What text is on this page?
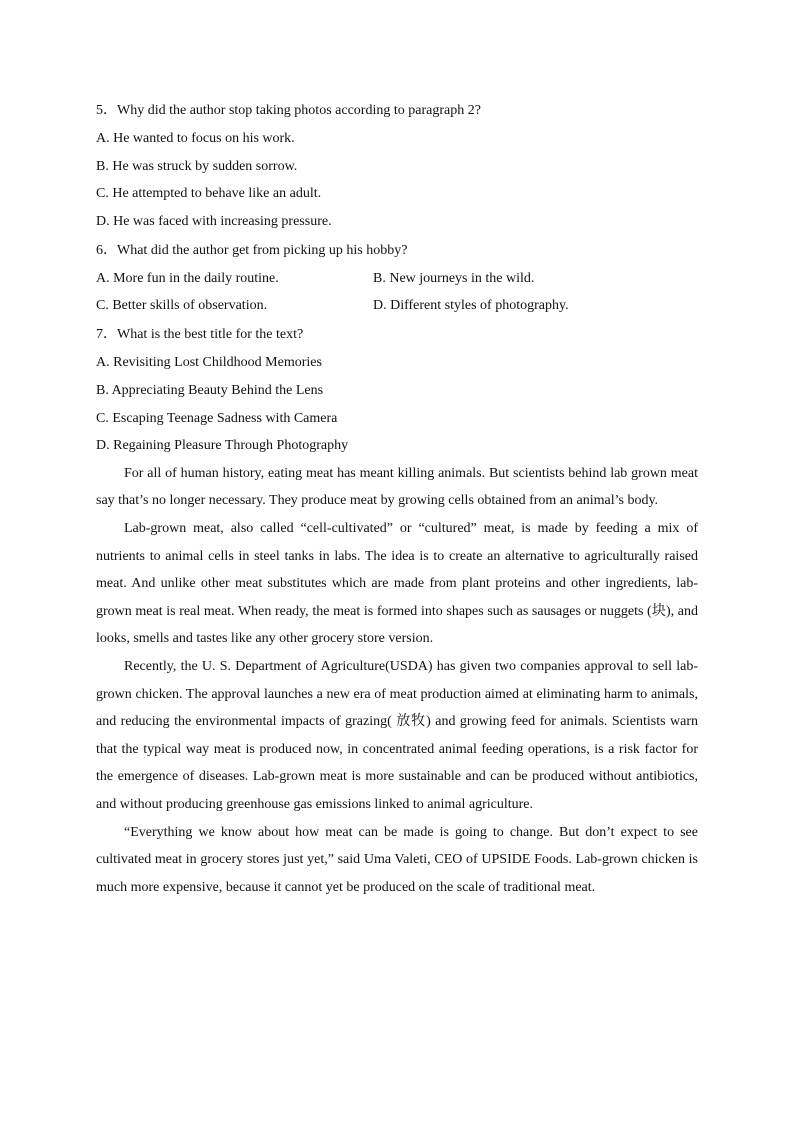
5．Why did the author stop taking photos according to paragraph 2?
A. He wanted to focus on his work.
B. He was struck by sudden sorrow.
C. He attempted to behave like an adult.
D. He was faced with increasing pressure.
6．What did the author get from picking up his hobby?
A. More fun in the daily routine.	B. New journeys in the wild.
C. Better skills of observation.	D. Different styles of photography.
7．What is the best title for the text?
A. Revisiting Lost Childhood Memories
B. Appreciating Beauty Behind the Lens
C. Escaping Teenage Sadness with Camera
D. Regaining Pleasure Through Photography

For all of human history, eating meat has meant killing animals. But scientists behind lab grown meat say that’s no longer necessary. They produce meat by growing cells obtained from an animal’s body.

Lab-grown meat, also called “cell-cultivated” or “cultured” meat, is made by feeding a mix of nutrients to animal cells in steel tanks in labs. The idea is to create an alternative to agriculturally raised meat. And unlike other meat substitutes which are made from plant proteins and other ingredients, lab-grown meat is real meat. When ready, the meat is formed into shapes such as sausages or nuggets (块), and looks, smells and tastes like any other grocery store version.

Recently, the U. S. Department of Agriculture(USDA) has given two companies approval to sell lab-grown chicken. The approval launches a new era of meat production aimed at eliminating harm to animals, and reducing the environmental impacts of grazing( 放牧) and growing feed for animals. Scientists warn that the typical way meat is produced now, in concentrated animal feeding operations, is a risk factor for the emergence of diseases. Lab-grown meat is more sustainable and can be produced without antibiotics, and without producing greenhouse gas emissions linked to animal agriculture.

“Everything we know about how meat can be made is going to change. But don’t expect to see cultivated meat in grocery stores just yet,” said Uma Valeti, CEO of UPSIDE Foods. Lab-grown chicken is much more expensive, because it cannot yet be produced on the scale of traditional meat.
